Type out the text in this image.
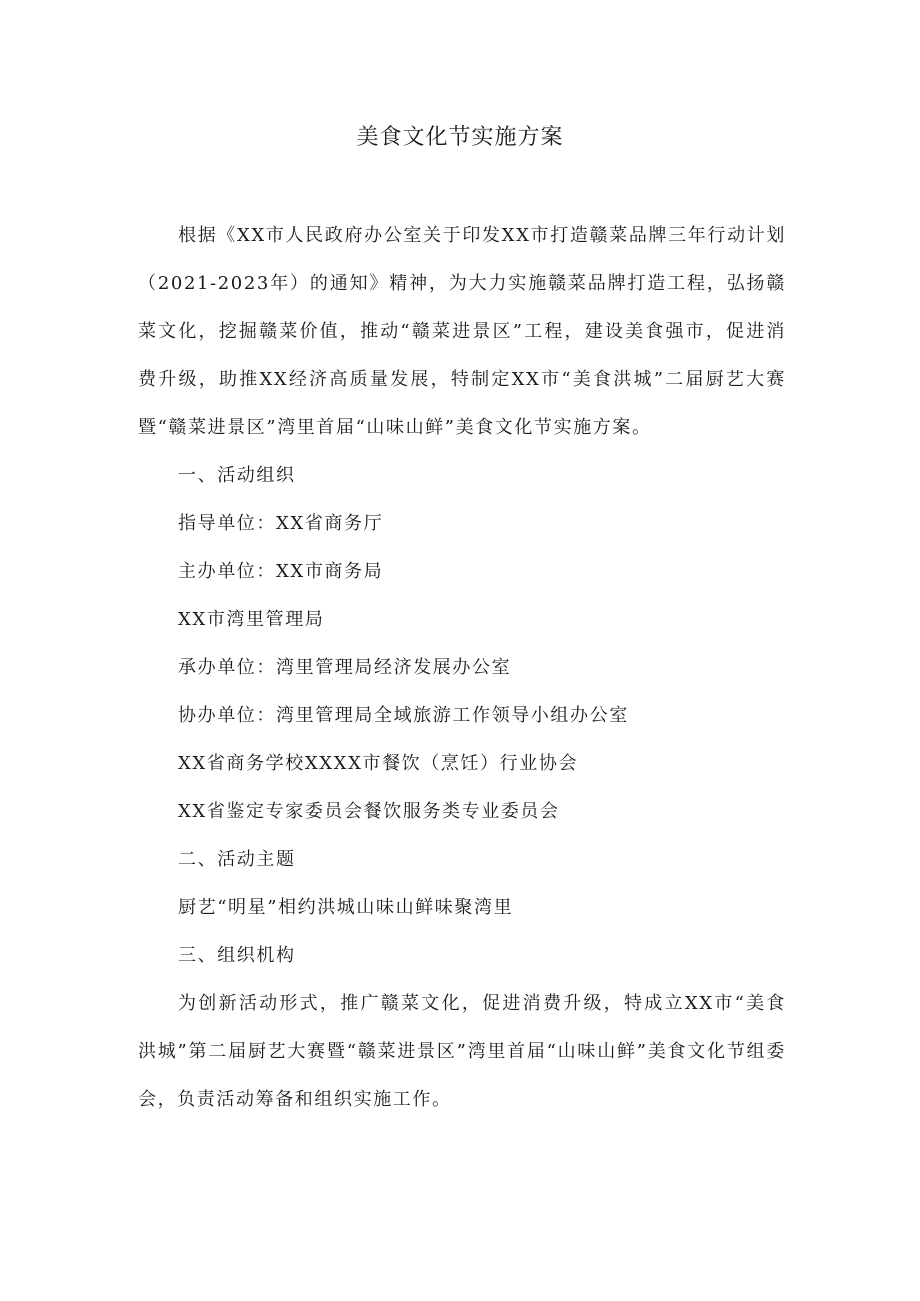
美食文化节实施方案

根据《XX市人民政府办公室关于印发XX市打造赣菜品牌三年行动计划（2021-2023年）的通知》精神，为大力实施赣菜品牌打造工程，弘扬赣菜文化，挖掘赣菜价值，推动“赣菜进景区”工程，建设美食强市，促进消费升级，助推XX经济高质量发展，特制定XX市“美食洪城”二届厨艺大赛暨“赣菜进景区”湾里首届“山味山鲜”美食文化节实施方案。

一、活动组织

指导单位：XX省商务厅

主办单位：XX市商务局

XX市湾里管理局

承办单位：湾里管理局经济发展办公室

协办单位：湾里管理局全域旅游工作领导小组办公室

XX省商务学校XXXX市餐饮（烹饪）行业协会

XX省鉴定专家委员会餐饮服务类专业委员会

二、活动主题

厨艺“明星”相约洪城山味山鲜味聚湾里

三、组织机构

为创新活动形式，推广赣菜文化，促进消费升级，特成立XX市“美食洪城”第二届厨艺大赛暨“赣菜进景区”湾里首届“山味山鲜”美食文化节组委会，负责活动筹备和组织实施工作。
